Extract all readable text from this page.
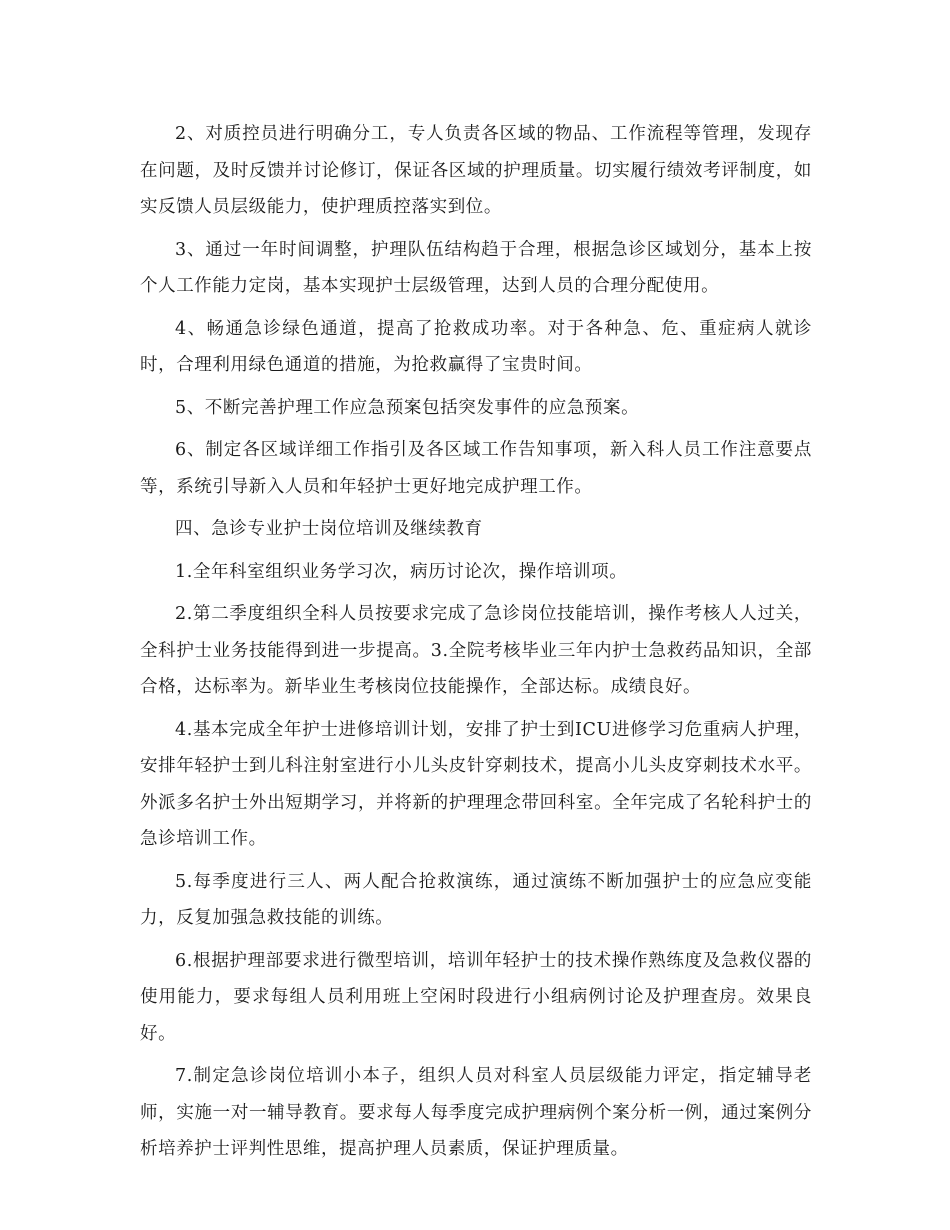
2、对质控员进行明确分工，专人负责各区域的物品、工作流程等管理，发现存在问题，及时反馈并讨论修订，保证各区域的护理质量。切实履行绩效考评制度，如实反馈人员层级能力，使护理质控落实到位。

3、通过一年时间调整，护理队伍结构趋于合理，根据急诊区域划分，基本上按个人工作能力定岗，基本实现护士层级管理，达到人员的合理分配使用。

4、畅通急诊绿色通道，提高了抢救成功率。对于各种急、危、重症病人就诊时，合理利用绿色通道的措施，为抢救赢得了宝贵时间。

5、不断完善护理工作应急预案包括突发事件的应急预案。

6、制定各区域详细工作指引及各区域工作告知事项，新入科人员工作注意要点等，系统引导新入人员和年轻护士更好地完成护理工作。

四、急诊专业护士岗位培训及继续教育

1.全年科室组织业务学习次，病历讨论次，操作培训项。

2.第二季度组织全科人员按要求完成了急诊岗位技能培训，操作考核人人过关，全科护士业务技能得到进一步提高。3.全院考核毕业三年内护士急救药品知识，全部合格，达标率为。新毕业生考核岗位技能操作，全部达标。成绩良好。

4.基本完成全年护士进修培训计划，安排了护士到ICU进修学习危重病人护理，安排年轻护士到儿科注射室进行小儿头皮针穿刺技术，提高小儿头皮穿刺技术水平。外派多名护士外出短期学习，并将新的护理理念带回科室。全年完成了名轮科护士的急诊培训工作。

5.每季度进行三人、两人配合抢救演练，通过演练不断加强护士的应急应变能力，反复加强急救技能的训练。

6.根据护理部要求进行微型培训，培训年轻护士的技术操作熟练度及急救仪器的使用能力，要求每组人员利用班上空闲时段进行小组病例讨论及护理查房。效果良好。

7.制定急诊岗位培训小本子，组织人员对科室人员层级能力评定，指定辅导老师，实施一对一辅导教育。要求每人每季度完成护理病例个案分析一例，通过案例分析培养护士评判性思维，提高护理人员素质，保证护理质量。
